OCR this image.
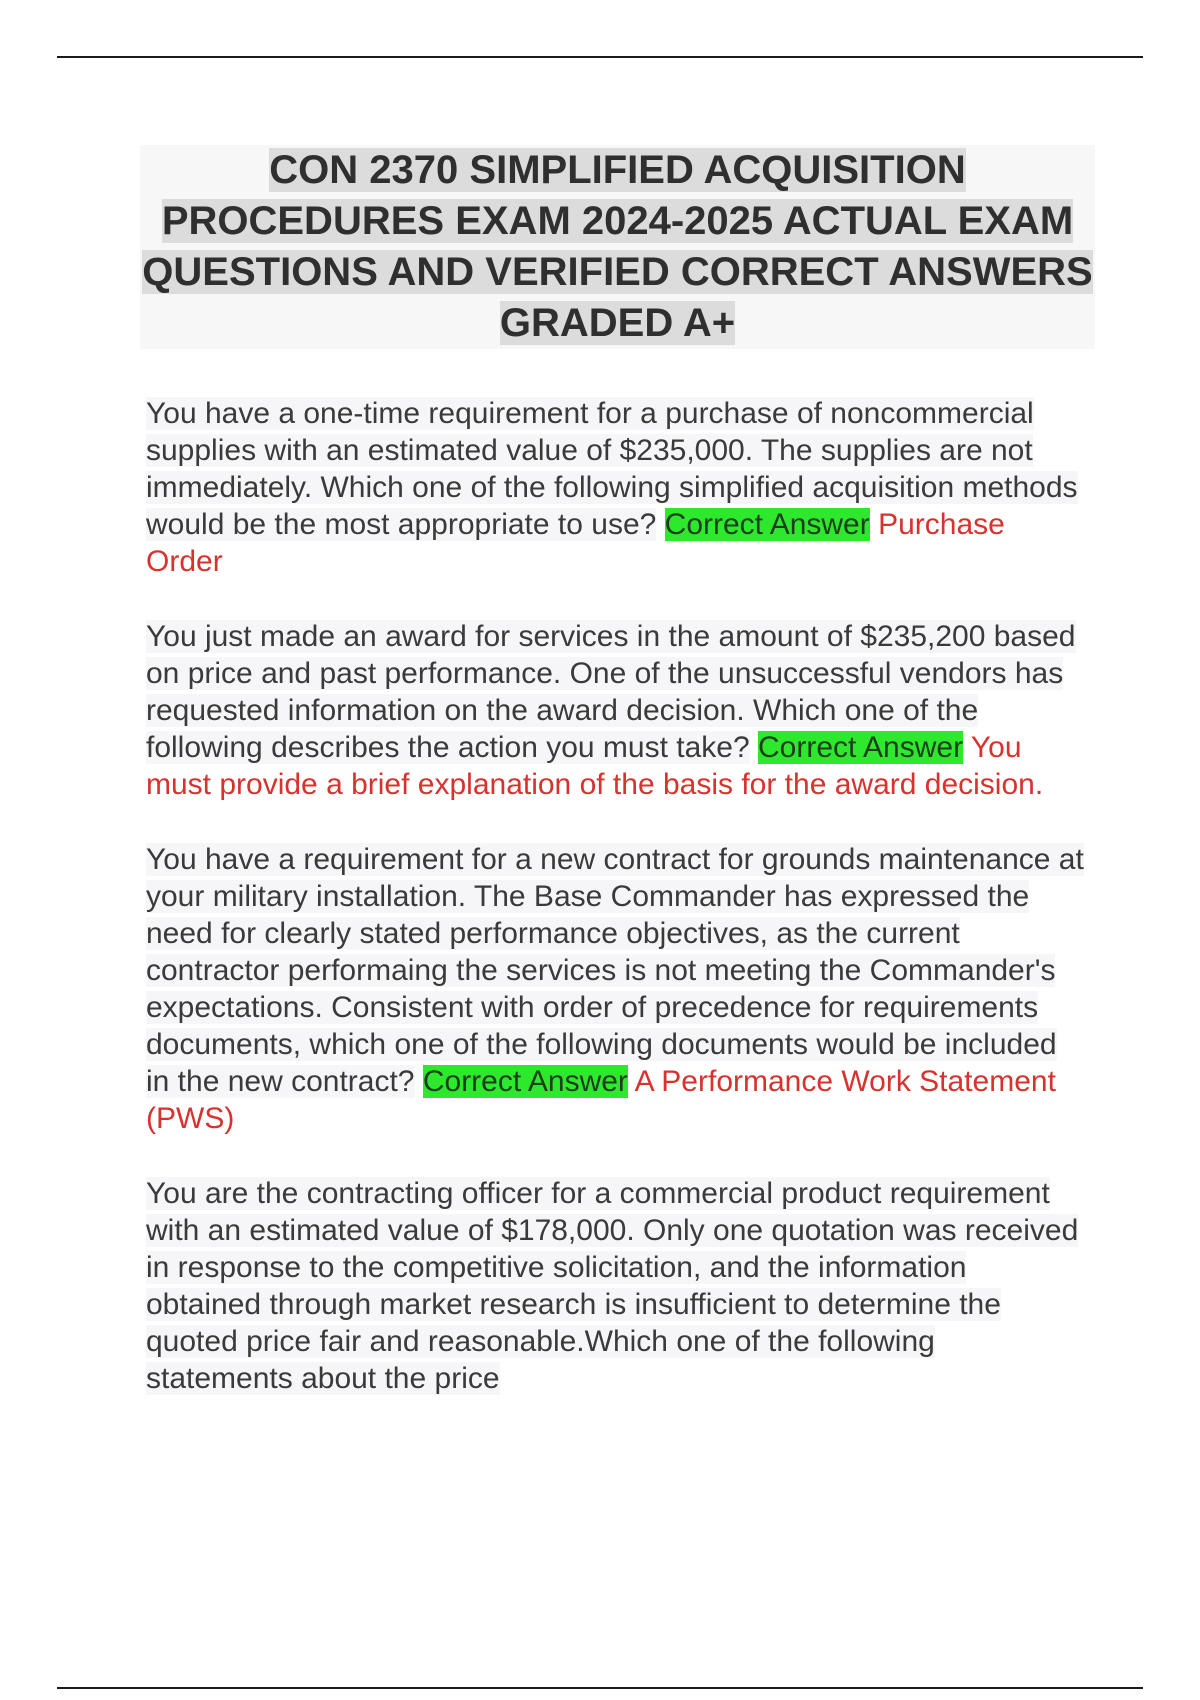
CON 2370 SIMPLIFIED ACQUISITION PROCEDURES EXAM 2024-2025 ACTUAL EXAM QUESTIONS AND VERIFIED CORRECT ANSWERS GRADED A+

You have a one-time requirement for a purchase of noncommercial supplies with an estimated value of $235,000. The supplies are not immediately. Which one of the following simplified acquisition methods would be the most appropriate to use? Correct Answer Purchase Order

You just made an award for services in the amount of $235,200 based on price and past performance. One of the unsuccessful vendors has requested information on the award decision. Which one of the following describes the action you must take? Correct Answer You must provide a brief explanation of the basis for the award decision.

You have a requirement for a new contract for grounds maintenance at your military installation. The Base Commander has expressed the need for clearly stated performance objectives, as the current contractor performaing the services is not meeting the Commander's expectations. Consistent with order of precedence for requirements documents, which one of the following documents would be included in the new contract? Correct Answer A Performance Work Statement (PWS)

You are the contracting officer for a commercial product requirement with an estimated value of $178,000. Only one quotation was received in response to the competitive solicitation, and the information obtained through market research is insufficient to determine the quoted price fair and reasonable.Which one of the following statements about the price
